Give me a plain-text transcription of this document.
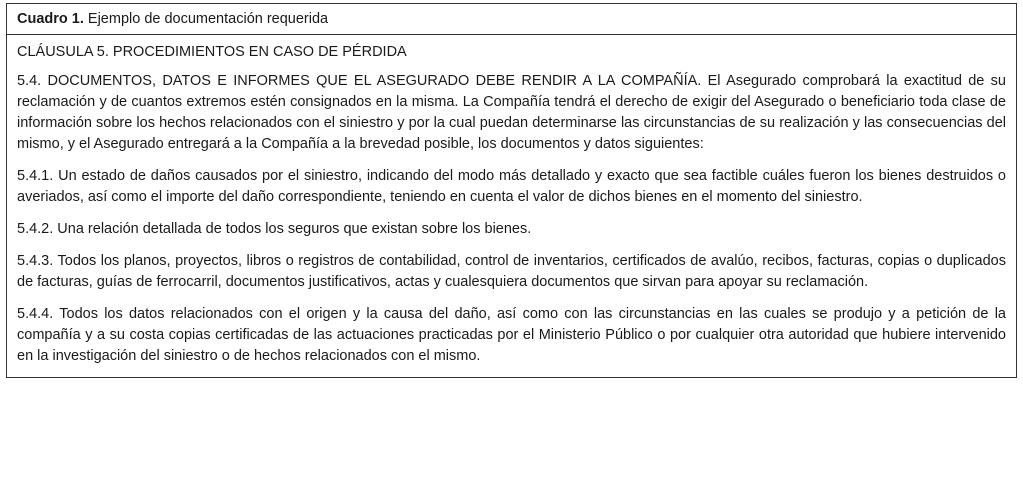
Cuadro 1. Ejemplo de documentación requerida

CLÁUSULA 5. PROCEDIMIENTOS EN CASO DE PÉRDIDA

5.4. DOCUMENTOS, DATOS E INFORMES QUE EL ASEGURADO DEBE RENDIR A LA COMPAÑÍA. El Asegurado comprobará la exactitud de su reclamación y de cuantos extremos estén consignados en la misma. La Compañía tendrá el derecho de exigir del Asegurado o beneficiario toda clase de información sobre los hechos relacionados con el siniestro y por la cual puedan determinarse las circunstancias de su realización y las consecuencias del mismo, y el Asegurado entregará a la Compañía a la brevedad posible, los documentos y datos siguientes:

5.4.1. Un estado de daños causados por el siniestro, indicando del modo más detallado y exacto que sea factible cuáles fueron los bienes destruidos o averiados, así como el importe del daño correspondiente, teniendo en cuenta el valor de dichos bienes en el momento del siniestro.

5.4.2. Una relación detallada de todos los seguros que existan sobre los bienes.

5.4.3. Todos los planos, proyectos, libros o registros de contabilidad, control de inventarios, certificados de avalúo, recibos, facturas, copias o duplicados de facturas, guías de ferrocarril, documentos justificativos, actas y cualesquiera documentos que sirvan para apoyar su reclamación.

5.4.4. Todos los datos relacionados con el origen y la causa del daño, así como con las circunstancias en las cuales se produjo y a petición de la compañía y a su costa copias certificadas de las actuaciones practicadas por el Ministerio Público o por cualquier otra autoridad que hubiere intervenido en la investigación del siniestro o de hechos relacionados con el mismo.
